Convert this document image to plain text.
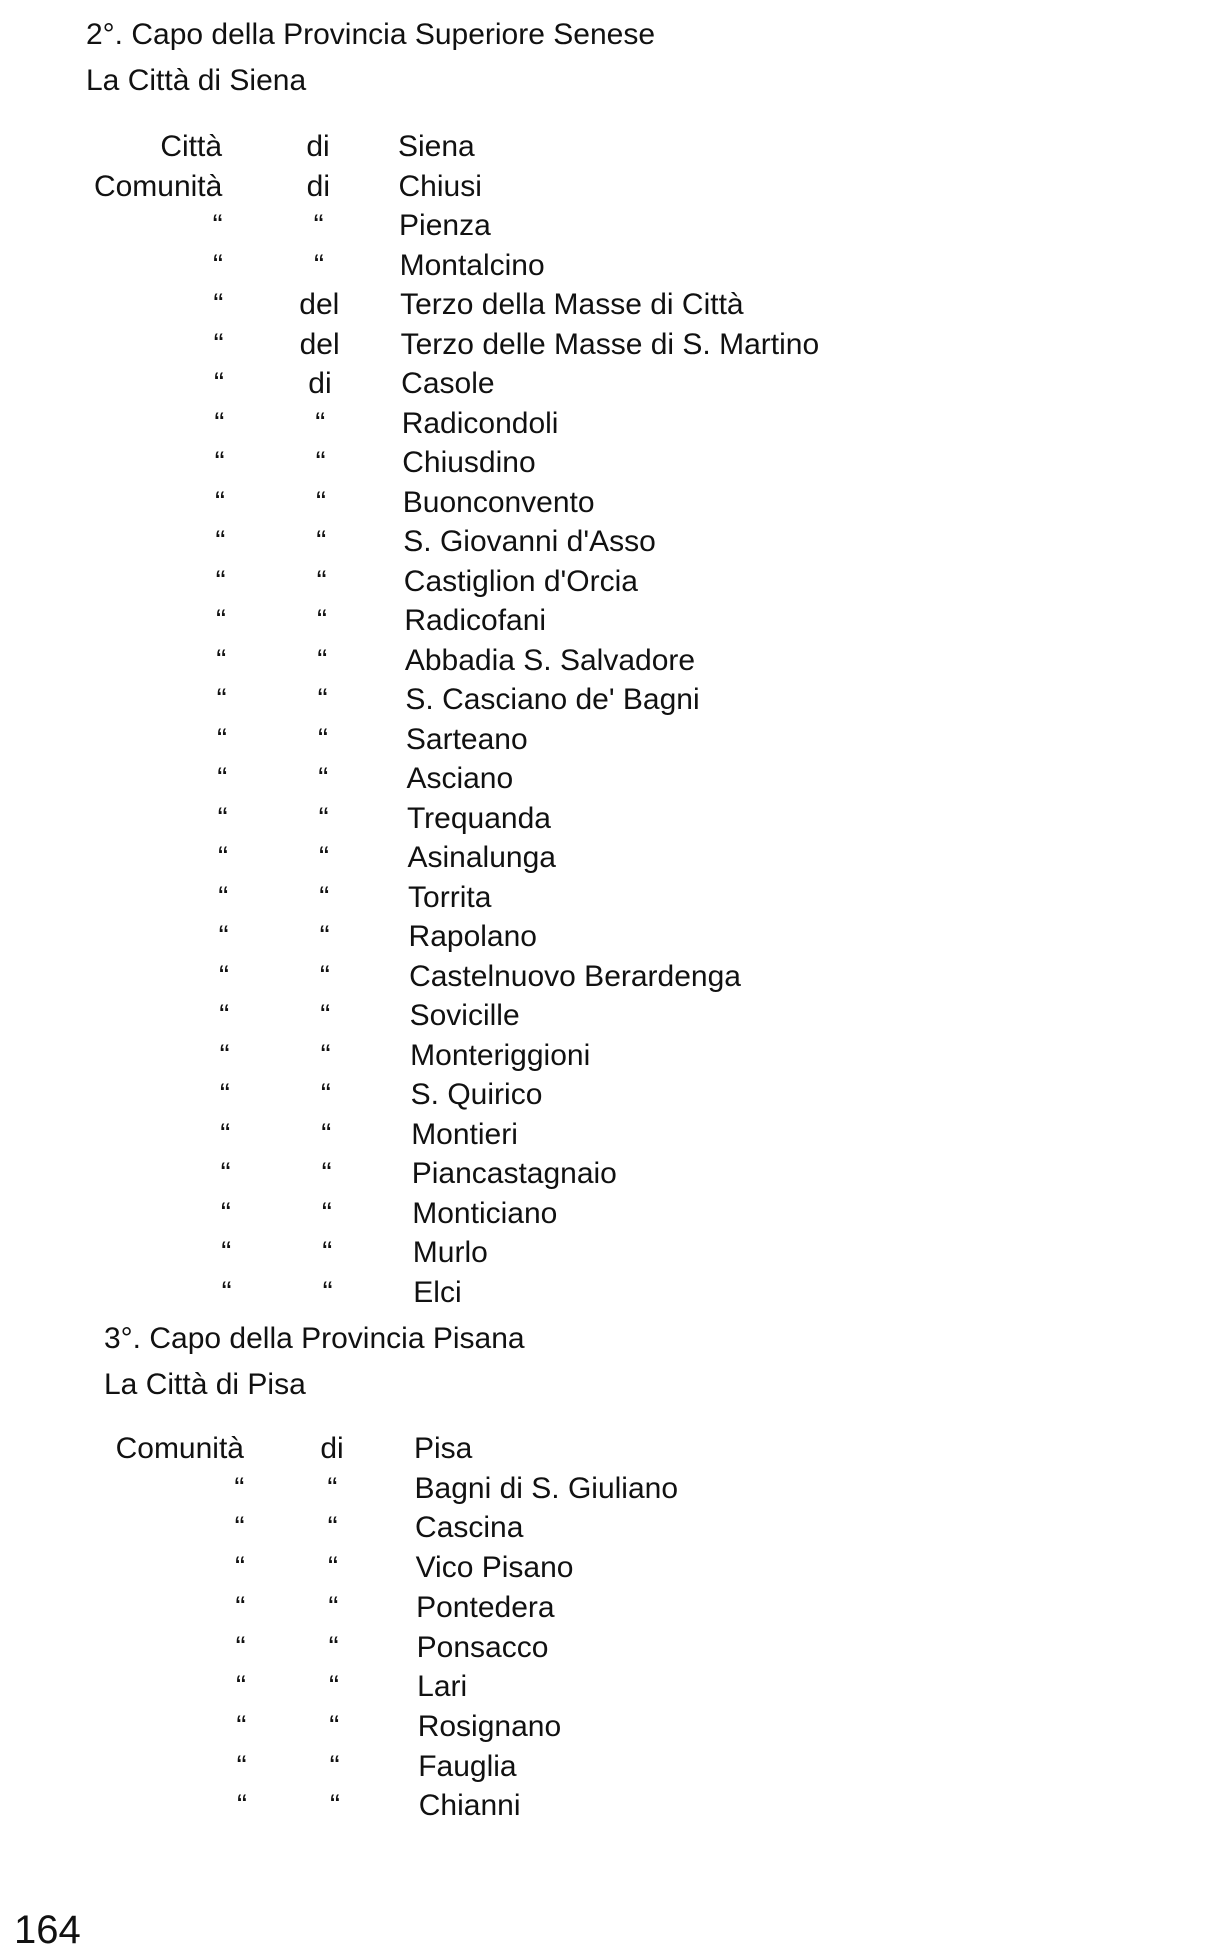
2°. Capo della Provincia Superiore Senese
La Città di Siena
Città	di	Siena
Comunità	di	Chiusi
“	“	Pienza
“	“	Montalcino
“	del	Terzo della Masse di Città
“	del	Terzo delle Masse di S. Martino
“	di	Casole
“	“	Radicondoli
“	“	Chiusdino
“	“	Buonconvento
“	“	S. Giovanni d'Asso
“	“	Castiglion d'Orcia
“	“	Radicofani
“	“	Abbadia S. Salvadore
“	“	S. Casciano de' Bagni
“	“	Sarteano
“	“	Asciano
“	“	Trequanda
“	“	Asinalunga
“	“	Torrita
“	“	Rapolano
“	“	Castelnuovo Berardenga
“	“	Sovicille
“	“	Monteriggioni
“	“	S. Quirico
“	“	Montieri
“	“	Piancastagnaio
“	“	Monticiano
“	“	Murlo
“	“	Elci
3°. Capo della Provincia Pisana
La Città di Pisa
Comunità	di	Pisa
“	“	Bagni di S. Giuliano
“	“	Cascina
“	“	Vico Pisano
“	“	Pontedera
“	“	Ponsacco
“	“	Lari
“	“	Rosignano
“	“	Fauglia
“	“	Chianni
164
